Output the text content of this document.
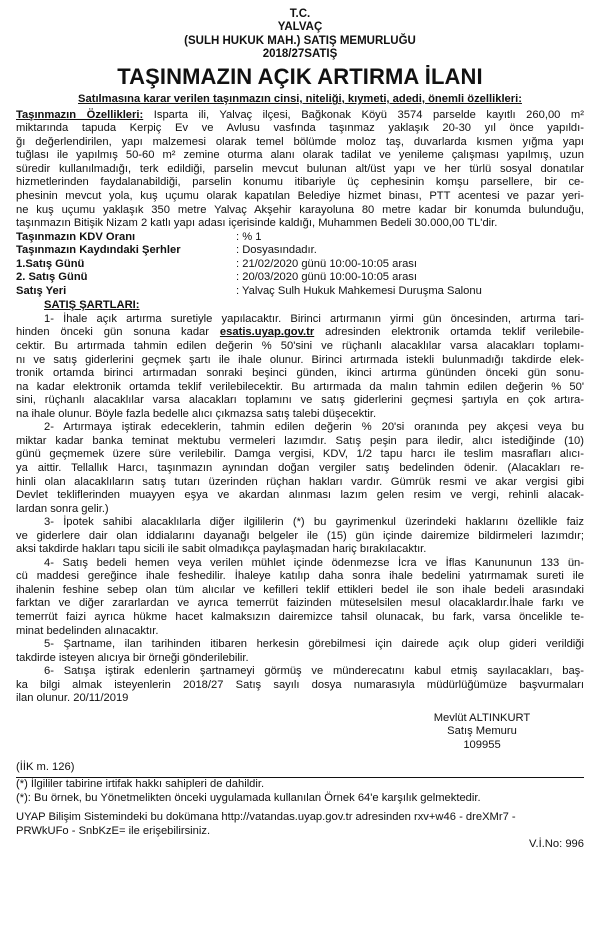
T.C.
YALVAÇ
(SULH HUKUK MAH.) SATIŞ MEMURLUĞU
2018/27SATIŞ
TAŞINMAZIN AÇIK ARTIRMA İLANI
Satılmasına karar verilen taşınmazın cinsi, niteliği, kıymeti, adedi, önemli özellikleri:
Taşınmazın Özellikleri: Isparta ili, Yalvaç ilçesi, Bağkonak Köyü 3574 parselde kayıtlı 260,00 m²
miktarında tapuda Kerpiç Ev ve Avlusu vasfında taşınmaz yaklaşık 20-30 yıl önce yapıldı-
ğı değerlendirilen, yapı malzemesi olarak temel bölümde moloz taş, duvarlarda kısmen yığma yapı
tuğlası ile yapılmış 50-60 m² zemine oturma alanı olarak tadilat ve yenileme çalışması yapılmış, uzun
süredir kullanılmadığı, terk edildiği, parselin mevcut bulunan alt/üst yapı ve her türlü sosyal donatılar
hizmetlerinden faydalanabildiği, parselin konumu itibariyle üç cephesinin komşu parsellere, bir ce-
phesinin mevcut yola, kuş uçumu olarak kapatılan Belediye hizmet binası, PTT acentesi ve pazar yeri-
ne kuş uçumu yaklaşık 350 metre Yalvaç Akşehir karayoluna 80 metre kadar bir konumda bulunduğu,
taşınmazın Bitişik Nizam 2 katlı yapı adası içerisinde kaldığı, Muhammen Bedeli 30.000,00 TL'dir.
Taşınmazın KDV Oranı	: % 1
Taşınmazın Kaydındaki Şerhler	: Dosyasındadır.
1.Satış Günü	: 21/02/2020 günü 10:00-10:05 arası
2. Satış Günü	: 20/03/2020 günü 10:00-10:05 arası
Satış Yeri	: Yalvaç Sulh Hukuk Mahkemesi Duruşma Salonu
SATIŞ ŞARTLARI:
1- İhale açık artırma suretiyle yapılacaktır. Birinci artırmanın yirmi gün öncesinden, artırma tari-
hinden önceki gün sonuna kadar esatis.uyap.gov.tr adresinden elektronik ortamda teklif verilebile-
cektir. Bu artırmada tahmin edilen değerin % 50'sini ve rüçhanlı alacaklılar varsa alacakları toplamı-
nı ve satış giderlerini geçmek şartı ile ihale olunur. Birinci artırmada istekli bulunmadığı takdirde elek-
tronik ortamda birinci artırmadan sonraki beşinci günden, ikinci artırma gününden önceki gün sonu-
na kadar elektronik ortamda teklif verilebilecektir. Bu artırmada da malın tahmin edilen değerin % 50'
sini, rüçhanlı alacaklılar varsa alacakları toplamını ve satış giderlerini geçmesi şartıyla en çok artıra-
na ihale olunur. Böyle fazla bedelle alıcı çıkmazsa satış talebi düşecektir.
2- Artırmaya iştirak edeceklerin, tahmin edilen değerin % 20'si oranında pey akçesi veya bu
miktar kadar banka teminat mektubu vermeleri lazımdır. Satış peşin para iledir, alıcı istediğinde (10)
günü geçmemek üzere süre verilebilir. Damga vergisi, KDV, 1/2 tapu harcı ile teslim masrafları alıcı-
ya aittir. Tellallık Harcı, taşınmazın aynından doğan vergiler satış bedelinden ödenir. (Alacakları re-
hinli olan alacaklıların satış tutarı üzerinden rüçhan hakları vardır. Gümrük resmi ve akar vergisi gibi
Devlet tekliflerinden muayyen eşya ve akardan alınması lazım gelen resim ve vergi, rehinli alacak-
lardan sonra gelir.)
3- İpotek sahibi alacaklılarla diğer ilgililerin (*) bu gayrimenkul üzerindeki haklarını özellikle faiz
ve giderlere dair olan iddialarını dayanağı belgeler ile (15) gün içinde dairemize bildirmeleri lazımdır;
aksi takdirde hakları tapu sicili ile sabit olmadıkça paylaşmadan hariç bırakılacaktır.
4- Satış bedeli hemen veya verilen mühlet içinde ödenmezse İcra ve İflas Kanununun 133 ün-
cü maddesi gereğince ihale feshedilir. İhaleye katılıp daha sonra ihale bedelini yatırmamak sureti ile
ihalenin feshine sebep olan tüm alıcılar ve kefilleri teklif ettikleri bedel ile son ihale bedeli arasındaki
farktan ve diğer zararlardan ve ayrıca temerrüt faizinden müteselsilen mesul olacaklardır.İhale farkı ve
temerrüt faizi ayrıca hükme hacet kalmaksızın dairemizce tahsil olunacak, bu fark, varsa öncelikle te-
minat bedelinden alınacaktır.
5- Şartname, ilan tarihinden itibaren herkesin görebilmesi için dairede açık olup gideri verildiği
takdirde isteyen alıcıya bir örneği gönderilebilir.
6- Satışa iştirak edenlerin şartnameyi görmüş ve münderecatını kabul etmiş sayılacakları, baş-
ka bilgi almak isteyenlerin 2018/27 Satış sayılı dosya numarasıyla müdürlüğümüze başvurmaları
ilan olunur. 20/11/2019
Mevlüt ALTINKURT
Satış Memuru
109955
(İİK m. 126)
(*) İlgililer tabirine irtifak hakkı sahipleri de dahildir.
(*): Bu örnek, bu Yönetmelikten önceki uygulamada kullanılan Örnek 64'e karşılık gelmektedir.
UYAP Bilişim Sistemindeki bu dokümana http://vatandas.uyap.gov.tr adresinden rxv+w46 - dreXMr7 -
PRWkUFo - SnbKzE= ile erişebilirsiniz.
V.İ.No: 996
